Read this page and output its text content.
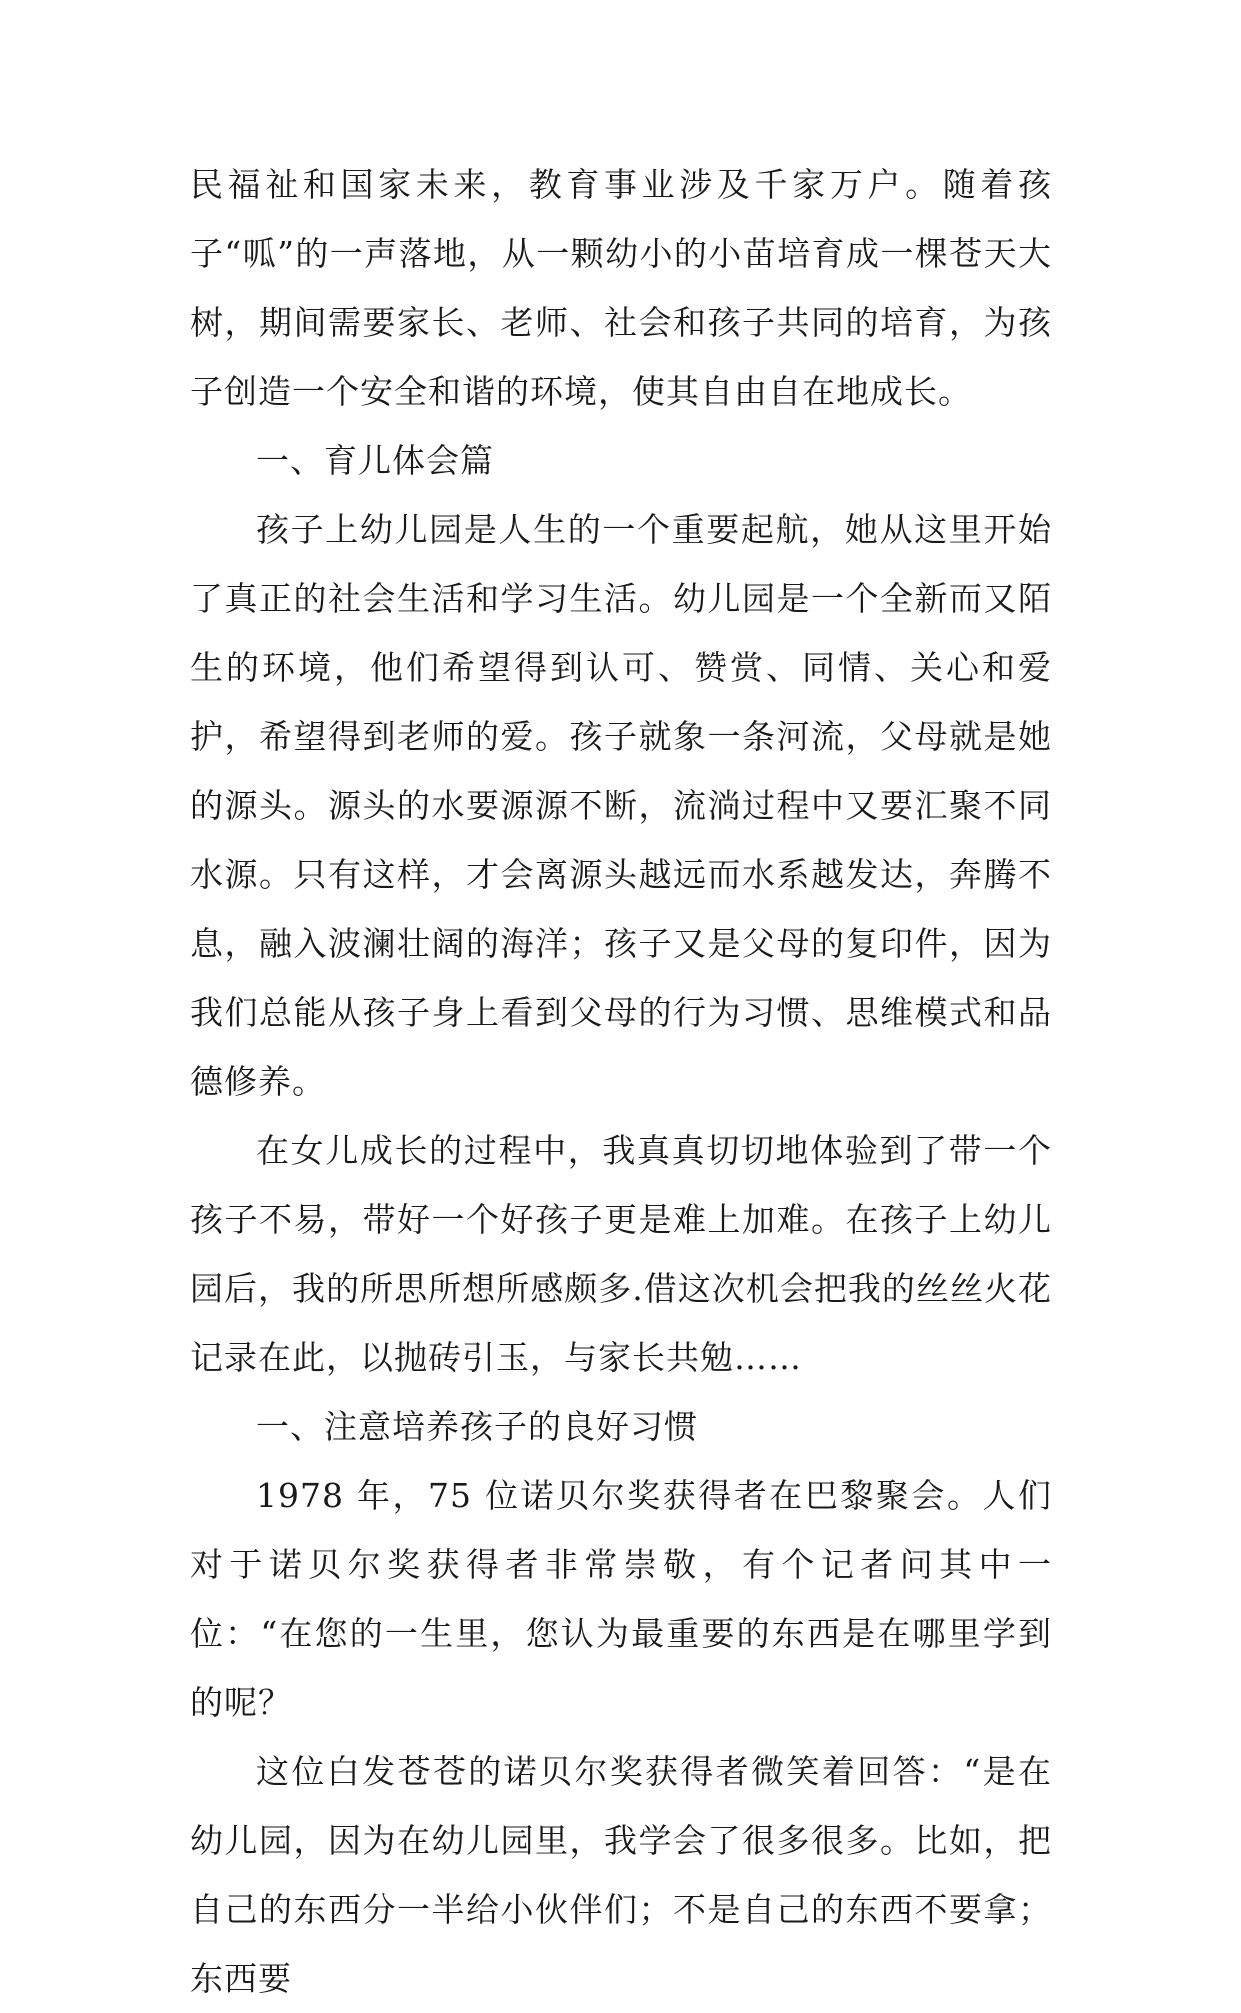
民福祉和国家未来，教育事业涉及千家万户。随着孩子“呱”的一声落地，从一颗幼小的小苗培育成一棵苍天大树，期间需要家长、老师、社会和孩子共同的培育，为孩子创造一个安全和谐的环境，使其自由自在地成长。

一、育儿体会篇

孩子上幼儿园是人生的一个重要起航，她从这里开始了真正的社会生活和学习生活。幼儿园是一个全新而又陌生的环境，他们希望得到认可、赞赏、同情、关心和爱护，希望得到老师的爱。孩子就象一条河流，父母就是她的源头。源头的水要源源不断，流淌过程中又要汇聚不同水源。只有这样，才会离源头越远而水系越发达，奔腾不息，融入波澜壮阔的海洋；孩子又是父母的复印件，因为我们总能从孩子身上看到父母的行为习惯、思维模式和品德修养。

在女儿成长的过程中，我真真切切地体验到了带一个孩子不易，带好一个好孩子更是难上加难。在孩子上幼儿园后，我的所思所想所感颇多.借这次机会把我的丝丝火花记录在此，以抛砖引玉，与家长共勉……

一、注意培养孩子的良好习惯

1978 年，75 位诺贝尔奖获得者在巴黎聚会。人们对于诺贝尔奖获得者非常崇敬，有个记者问其中一位：“在您的一生里，您认为最重要的东西是在哪里学到的呢？

这位白发苍苍的诺贝尔奖获得者微笑着回答：“是在幼儿园，因为在幼儿园里，我学会了很多很多。比如，把自己的东西分一半给小伙伴们；不是自己的东西不要拿；东西要
